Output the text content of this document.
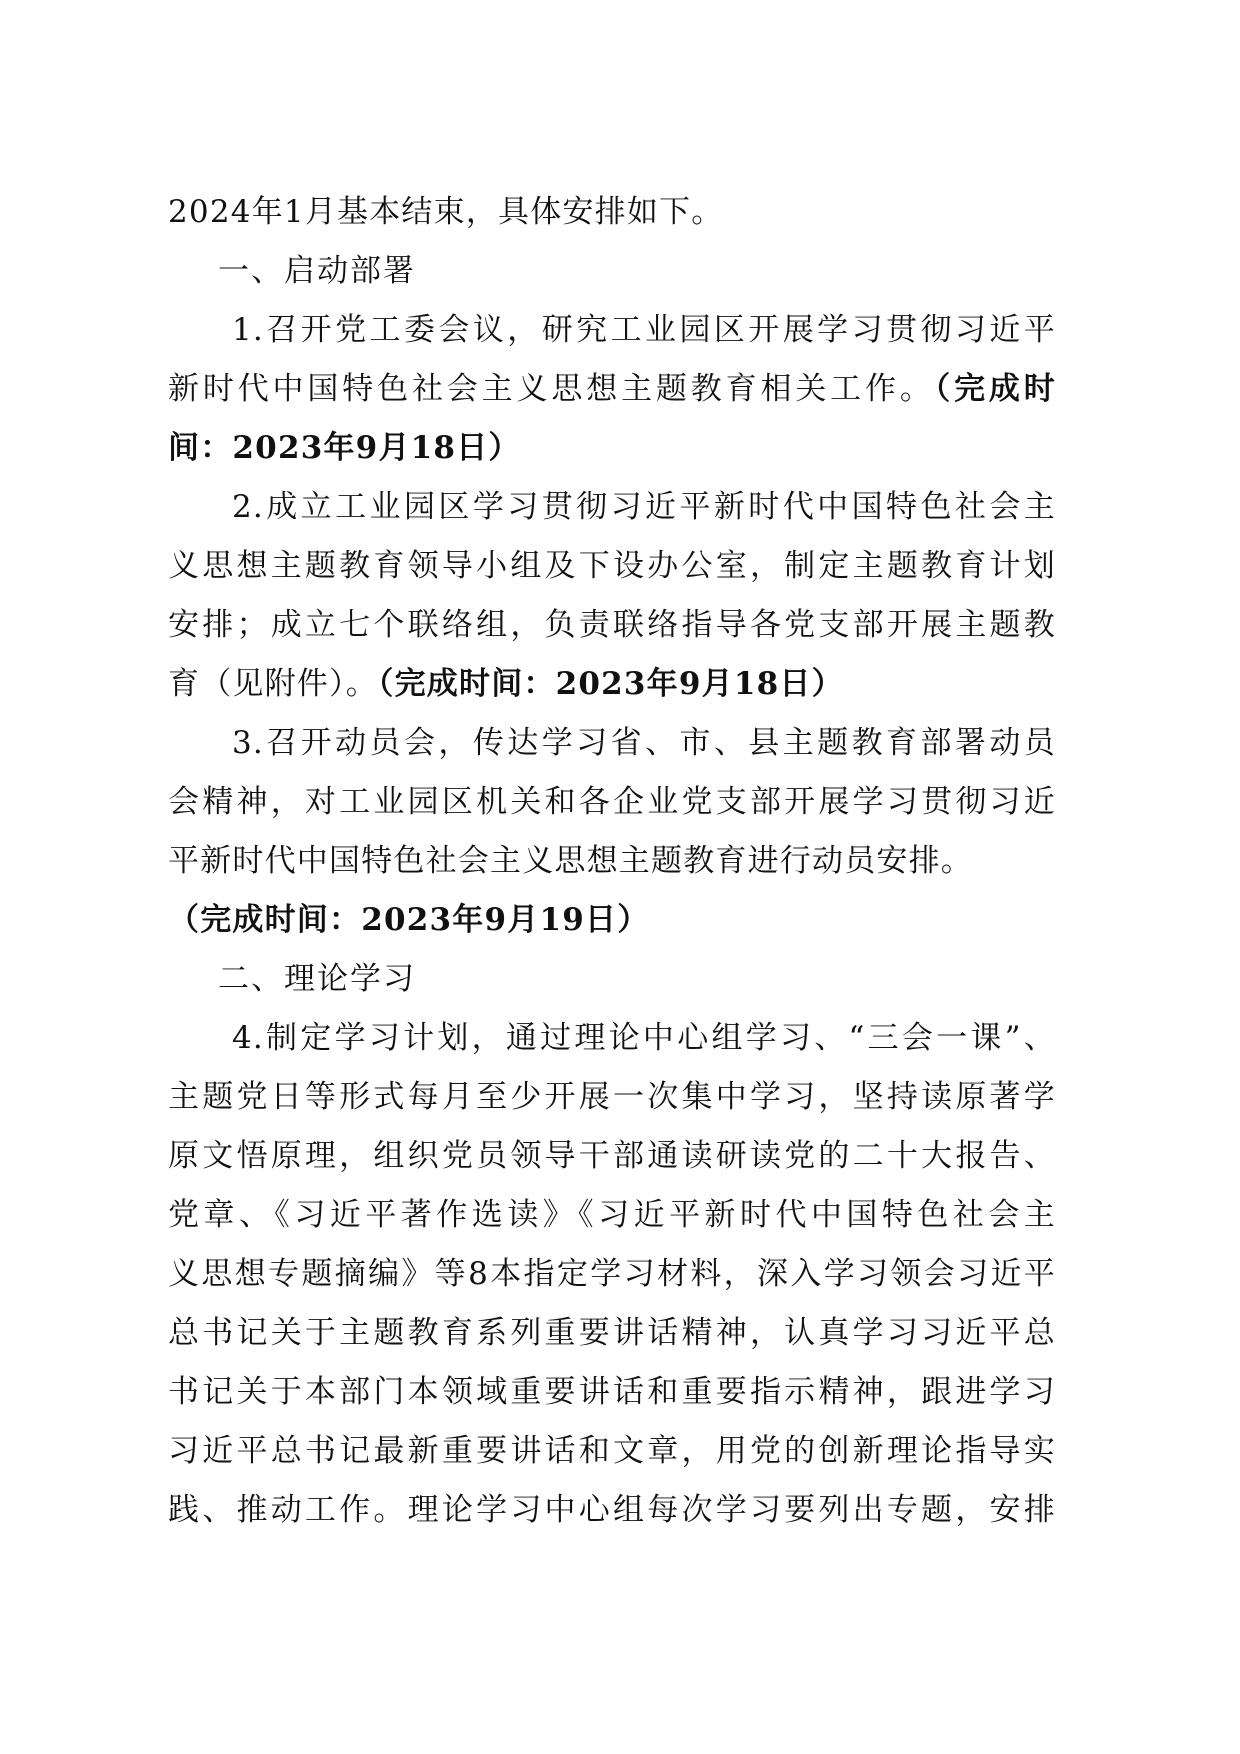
2024年1月基本结束，具体安排如下。
一、启动部署
1.召开党工委会议，研究工业园区开展学习贯彻习近平
新时代中国特色社会主义思想主题教育相关工作。（完成时
间：2023年9月18日）
2.成立工业园区学习贯彻习近平新时代中国特色社会主
义思想主题教育领导小组及下设办公室，制定主题教育计划
安排；成立七个联络组，负责联络指导各党支部开展主题教
育（见附件）。（完成时间：2023年9月18日）
3.召开动员会，传达学习省、市、县主题教育部署动员
会精神，对工业园区机关和各企业党支部开展学习贯彻习近
平新时代中国特色社会主义思想主题教育进行动员安排。
（完成时间：2023年9月19日）
二、理论学习
4.制定学习计划，通过理论中心组学习、“三会一课”、
主题党日等形式每月至少开展一次集中学习，坚持读原著学
原文悟原理，组织党员领导干部通读研读党的二十大报告、
党章、《习近平著作选读》《习近平新时代中国特色社会主
义思想专题摘编》等8本指定学习材料，深入学习领会习近平
总书记关于主题教育系列重要讲话精神，认真学习习近平总
书记关于本部门本领域重要讲话和重要指示精神，跟进学习
习近平总书记最新重要讲话和文章，用党的创新理论指导实
践、推动工作。理论学习中心组每次学习要列出专题，安排
